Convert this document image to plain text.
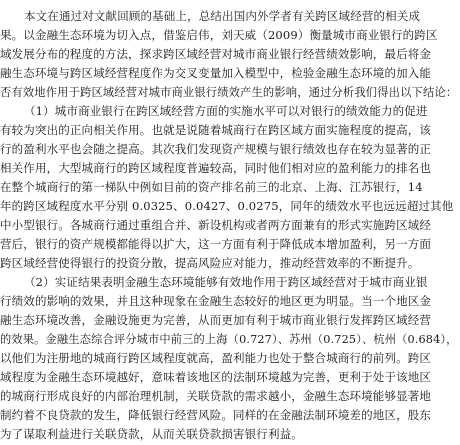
本文在通过对文献回顾的基础上，总结出国内外学者有关跨区域经营的相关成
果。以金融生态环境为切入点，借鉴启伟，刘天威（2009）衡量城市商业银行的跨区
域发展分布的程度的方法，探求跨区域经营对城市商业银行经营绩效影响，最后将金
融生态环境与跨区域经营程度作为交叉变量加入模型中，检验金融生态环境的加入能
否有效地作用于跨区域经营对城市商业银行绩效产生的影响，通过分析我们得出以下结论：
（1）城市商业银行在跨区域经营方面的实施水平可以对银行的绩效能力的促进
有较为突出的正向相关作用。也就是说随着城商行在跨区域方面实施程度的提高，该
行的盈利水平也会随之提高。其次我们发现资产规模与银行绩效也存在较为显著的正
相关作用，大型城商行的跨区域程度普遍较高，同时他们相对应的盈利能力的排名也
在整个城商行的第一梯队中例如目前的资产排名前三的北京、上海、江苏银行，14
年的跨区域程度水平分别 0.0325、0.0427、0.0275，同年的绩效水平也远远超过其他
中小型银行。各城商行通过重组合并、新设机构或者两方面兼有的形式实施跨区域经
营后，银行的资产规模都能得以扩大，这一方面有利于降低成本增加盈利，另一方面
跨区域经营使得银行的投资分散，提高风险应对能力，推动经营效率的不断提升。
（2）实证结果表明金融生态环境能够有效地作用于跨区域经营对于城市商业银
行绩效的影响的效果，并且这种现象在金融生态较好的地区更为明显。当一个地区金
融生态环境改善，金融设施更为完善，从而更加有利于城市商业银行发挥跨区域经营
的效果。金融生态综合评分城市中前三的上海（0.727）、苏州（0.725）、杭州（0.684），
以他们为注册地的城商行跨区域程度就高，盈利能力也处于整合城商行的前列。跨区
域程度为金融生态环境越好，意味着该地区的法制环境越为完善，更利于处于该地区
的城商行形成良好的内部治理机制，关联贷款的需求越小，金融生态环境能够显著地
制约着不良贷款的发生，降低银行经营风险。同样的在金融法制环境差的地区，股东
为了谋取利益进行关联贷款，从而关联贷款损害银行利益。
